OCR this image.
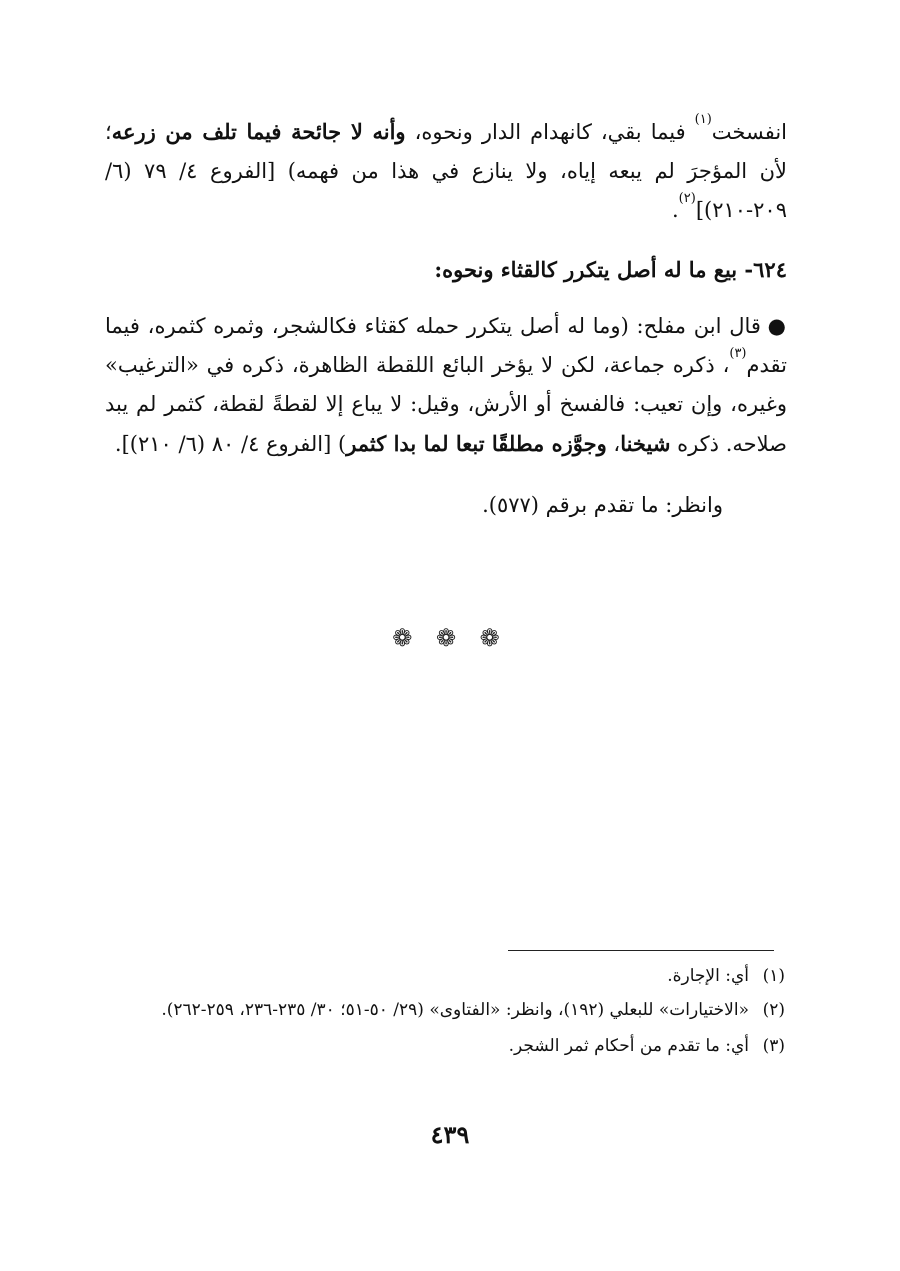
انفسخت$^{(١)}$ فيما بقي، كانهدام الدار ونحوه، وأنه لا جائحة فيما تلف من زرعه؛ لأن المؤجرَ لم يبعه إياه، ولا ينازع في هذا من فهمه) [الفروع ٤/ ٧٩ (٦/ ٢٠٩-٢١٠)]$^{(٢)}$.

٦٢٤- بيع ما له أصل يتكرر كالقثاء ونحوه:

● قال ابن مفلح: (وما له أصل يتكرر حمله كقثاء فكالشجر، وثمره كثمره، فيما تقدم$^{(٣)}$، ذكره جماعة، لكن لا يؤخر البائع اللقطة الظاهرة، ذكره في «الترغيب» وغيره، وإن تعيب: فالفسخ أو الأرش، وقيل: لا يباع إلا لقطةً لقطة، كثمر لم يبد صلاحه. ذكره شيخنا، وجوَّزه مطلقًا تبعا لما بدا كثمر) [الفروع ٤/ ٨٠ (٦/ ٢١٠)].

وانظر: ما تقدم برقم (٥٧٧).

❁ ❁ ❁

(١)
أي: الإجارة.

(٢)
«الاختيارات» للبعلي (١٩٢)، وانظر: «الفتاوى» (٢٩/ ٥٠-٥١؛ ٣٠/ ٢٣٥-٢٣٦، ٢٥٩-٢٦٢).

(٣)
أي: ما تقدم من أحكام ثمر الشجر.

٤٣٩
